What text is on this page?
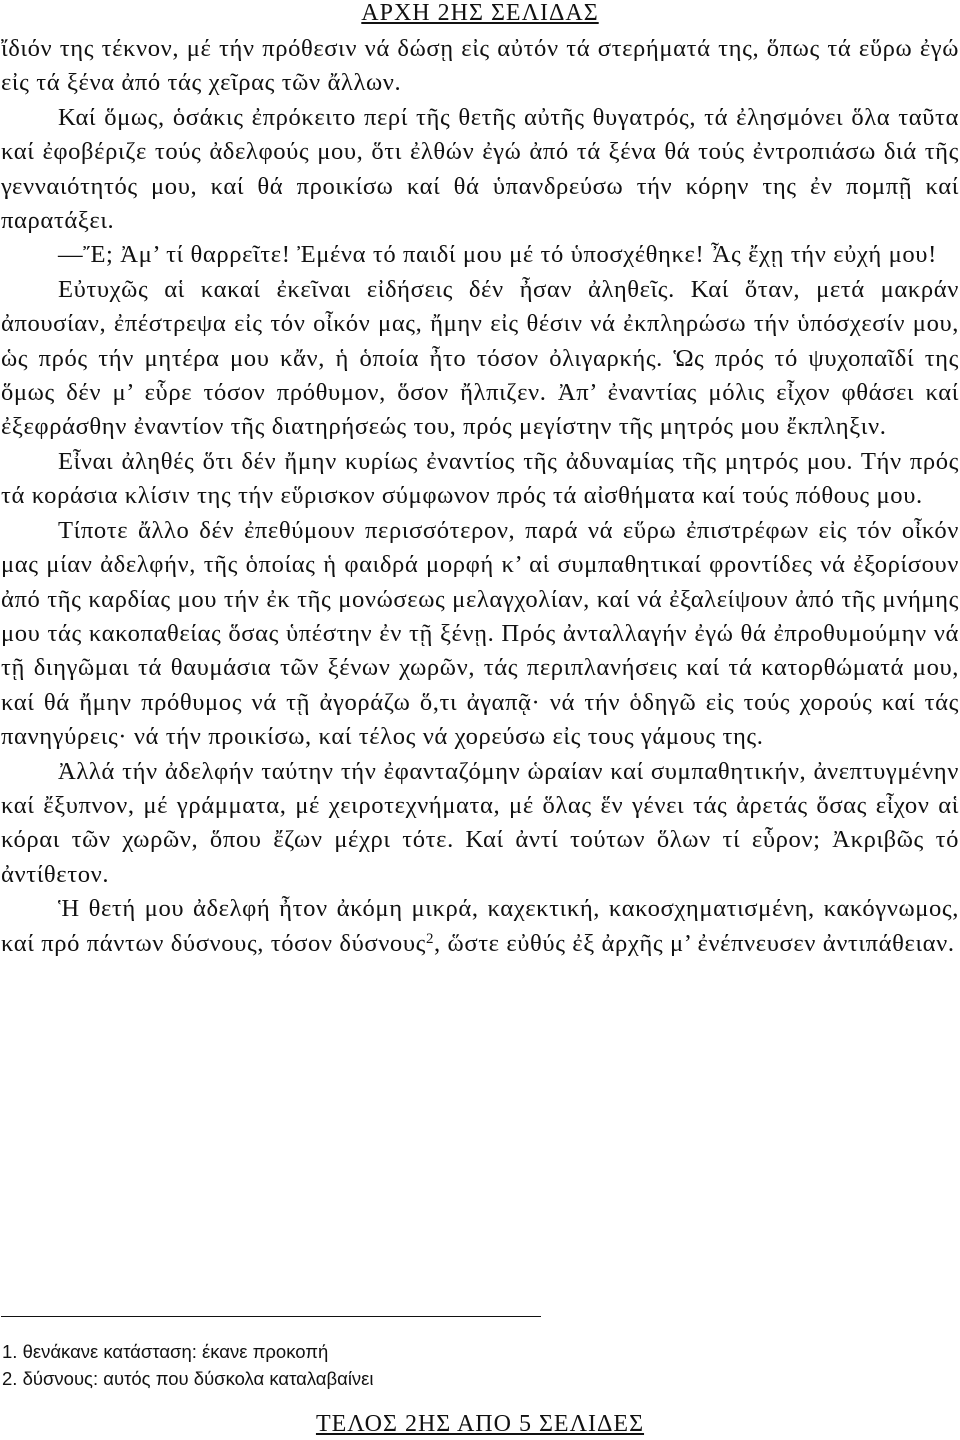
ΑΡΧΗ 2ΗΣ ΣΕΛΙΔΑΣ

ἴδιόν της τέκνον, μέ τήν πρόθεσιν νά δώσῃ εἰς αὐτόν τά στερήματά της, ὅπως τά εὕρω ἐγώ εἰς τά ξένα ἀπό τάς χεῖρας τῶν ἄλλων.

Καί ὅμως, ὁσάκις ἐπρόκειτο περί τῆς θετῆς αὐτῆς θυγατρός, τά ἐλησμόνει ὅλα ταῦτα καί ἐφοβέριζε τούς ἀδελφούς μου, ὅτι ἐλθών ἐγώ ἀπό τά ξένα θά τούς ἐντροπιάσω διά τῆς γενναιότητός μου, καί θά προικίσω καί θά ὑπανδρεύσω τήν κόρην της ἐν πομπῇ καί παρατάξει.

—Ἔ; Ἀμ’ τί θαρρεῖτε! Ἐμένα τό παιδί μου μέ τό ὑποσχέθηκε! Ἆς ἔχῃ τήν εὐχή μου!

Εὐτυχῶς αἱ κακαί ἐκεῖναι εἰδήσεις δέν ἦσαν ἀληθεῖς. Καί ὅταν, μετά μακράν ἀπουσίαν, ἐπέστρεψα εἰς τόν οἶκόν μας, ἤμην εἰς θέσιν νά ἐκπληρώσω τήν ὑπόσχεσίν μου, ὡς πρός τήν μητέρα μου κἄν, ἡ ὁποία ἦτο τόσον ὀλιγαρκής. Ὡς πρός τό ψυχοπαῖδί της ὅμως δέν μ’ εὗρε τόσον πρόθυμον, ὅσον ἤλπιζεν. Ἀπ’ ἐναντίας μόλις εἶχον φθάσει καί ἐξεφράσθην ἐναντίον τῆς διατηρήσεώς του, πρός μεγίστην τῆς μητρός μου ἔκπληξιν.

Εἶναι ἀληθές ὅτι δέν ἤμην κυρίως ἐναντίος τῆς ἀδυναμίας τῆς μητρός μου. Τήν πρός τά κοράσια κλίσιν της τήν εὕρισκον σύμφωνον πρός τά αἰσθήματα καί τούς πόθους μου.

Τίποτε ἄλλο δέν ἐπεθύμουν περισσότερον, παρά νά εὕρω ἐπιστρέφων εἰς τόν οἶκόν μας μίαν ἀδελφήν, τῆς ὁποίας ἡ φαιδρά μορφή κ’ αἱ συμπαθητικαί φροντίδες νά ἐξορίσουν ἀπό τῆς καρδίας μου τήν ἐκ τῆς μονώσεως μελαγχολίαν, καί νά ἐξαλείψουν ἀπό τῆς μνήμης μου τάς κακοπαθείας ὅσας ὑπέστην ἐν τῇ ξένῃ. Πρός ἀνταλλαγήν ἐγώ θά ἐπροθυμούμην νά τῇ διηγῶμαι τά θαυμάσια τῶν ξένων χωρῶν, τάς περιπλανήσεις καί τά κατορθώματά μου, καί θά ἤμην πρόθυμος νά τῇ ἀγοράζω ὅ,τι ἀγαπᾷ· νά τήν ὁδηγῶ εἰς τούς χορούς καί τάς πανηγύρεις· νά τήν προικίσω, καί τέλος νά χορεύσω εἰς τους γάμους της.

Ἀλλά τήν ἀδελφήν ταύτην τήν ἐφανταζόμην ὡραίαν καί συμπαθητικήν, ἀνεπτυγμένην καί ἔξυπνον, μέ γράμματα, μέ χειροτεχνήματα, μέ ὅλας ἕν γένει τάς ἀρετάς ὅσας εἶχον αἱ κόραι τῶν χωρῶν, ὅπου ἔζων μέχρι τότε. Καί ἀντί τούτων ὅλων τί εὗρον; Ἀκριβῶς τό ἀντίθετον.

Ἡ θετή μου ἀδελφή ἦτον ἀκόμη μικρά, καχεκτική, κακοσχηματισμένη, κακόγνωμος, καί πρό πάντων δύσνους, τόσον δύσνους$^2$, ὥστε εὐθύς ἐξ ἀρχῆς μ’ ἐνέπνευσεν ἀντιπάθειαν.

1. θενάκανε κατάσταση: έκανε προκοπή
2. δύσνους: αυτός που δύσκολα καταλαβαίνει
ΤΕΛΟΣ 2ΗΣ ΑΠΟ 5 ΣΕΛΙΔΕΣ
